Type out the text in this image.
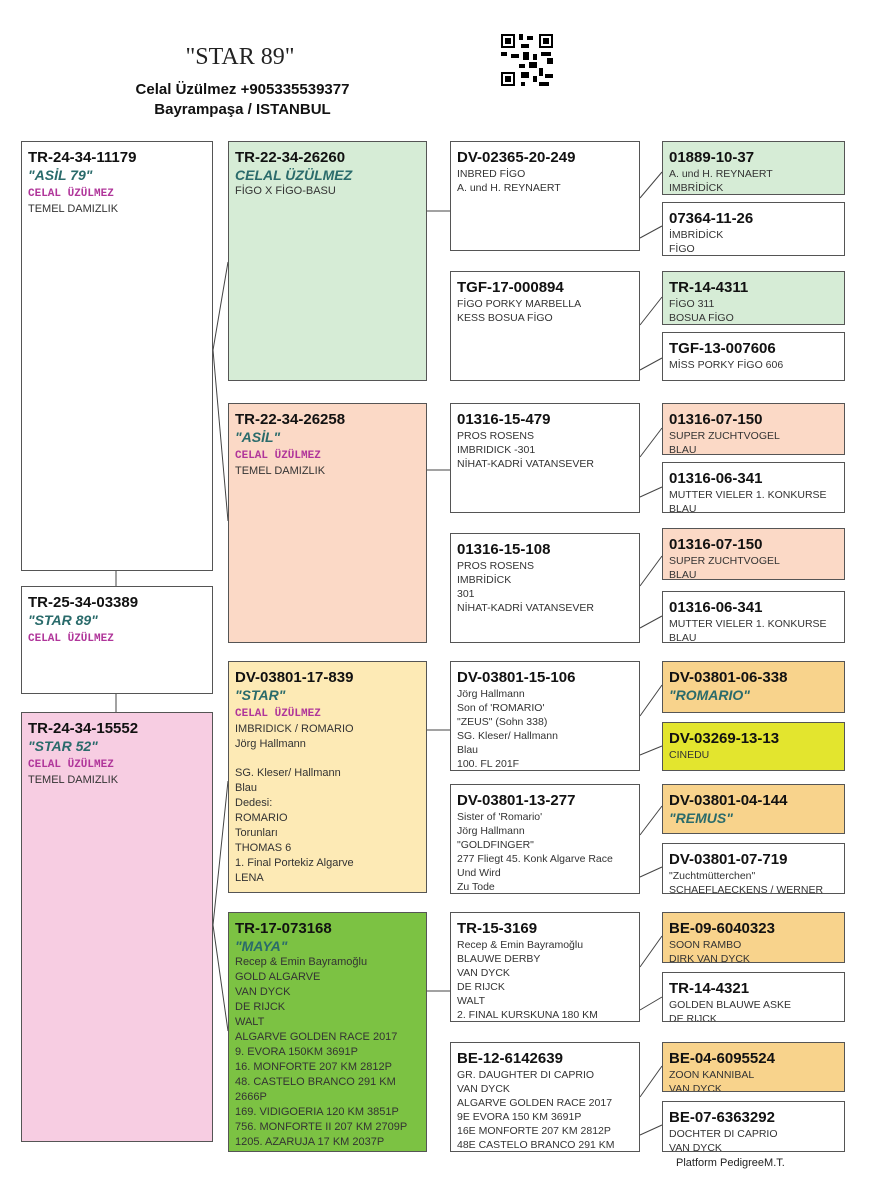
"STAR 89"
Celal Üzülmez +905335539377
Bayrampaşa / ISTANBUL
TR-24-34-11179
"ASİL 79"
CELAL ÜZÜLMEZ
TEMEL DAMIZLIK
TR-25-34-03389
"STAR 89"
CELAL ÜZÜLMEZ
TR-24-34-15552
"STAR 52"
CELAL ÜZÜLMEZ
TEMEL DAMIZLIK
TR-22-34-26260
CELAL ÜZÜLMEZ
FİGO X FİGO-BASU
TR-22-34-26258
"ASİL"
CELAL ÜZÜLMEZ
TEMEL DAMIZLIK
DV-03801-17-839
"STAR"
CELAL ÜZÜLMEZ
IMBRIDICK / ROMARIO
Jörg Hallmann
SG. Kleser/ Hallmann
Blau
Dedesi:
ROMARIO
Torunları
THOMAS 6
1. Final Portekiz Algarve
LENA
TR-17-073168
"MAYA"
Recep & Emin Bayramoğlu
GOLD ALGARVE
VAN DYCK
DE RIJCK
WALT
ALGARVE GOLDEN RACE 2017
9. EVORA 150KM 3691P
16. MONFORTE 207 KM 2812P
48. CASTELO BRANCO 291 KM
2666P
169. VIDIGOERIA 120 KM 3851P
756. MONFORTE II 207 KM 2709P
1205. AZARUJA 17 KM 2037P
DV-02365-20-249
INBRED FİGO
A. und H. REYNAERT
TGF-17-000894
FİGO PORKY MARBELLA
KESS BOSUA FİGO
01316-15-479
PROS ROSENS
IMBRIDICK -301
NİHAT-KADRİ VATANSEVER
01316-15-108
PROS ROSENS
IMBRİDİCK
301
NİHAT-KADRİ VATANSEVER
DV-03801-15-106
Jörg Hallmann
Son of 'ROMARIO'
"ZEUS" (Sohn 338)
SG. Kleser/ Hallmann
Blau
100. FL 201F
DV-03801-13-277
Sister of 'Romario'
Jörg Hallmann
"GOLDFINGER"
277 Fliegt 45. Konk Algarve Race
Und Wird
Zu Tode
TR-15-3169
Recep & Emin Bayramoğlu
BLAUWE DERBY
VAN DYCK
DE RIJCK
WALT
2. FINAL KURSKUNA 180 KM
BE-12-6142639
GR. DAUGHTER DI CAPRIO
VAN DYCK
ALGARVE GOLDEN RACE 2017
9E EVORA 150 KM 3691P
16E MONFORTE 207 KM 2812P
48E CASTELO BRANCO 291 KM
01889-10-37
A. und H. REYNAERT
IMBRİDİCK
07364-11-26
İMBRİDİCK
FİGO
TR-14-4311
FİGO 311
BOSUA FİGO
TGF-13-007606
MİSS PORKY FİGO 606
01316-07-150
SUPER ZUCHTVOGEL
BLAU
01316-06-341
MUTTER VIELER 1. KONKURSE
BLAU
01316-07-150
SUPER ZUCHTVOGEL
BLAU
01316-06-341
MUTTER VIELER 1. KONKURSE
BLAU
DV-03801-06-338
"ROMARIO"
DV-03269-13-13
CINEDU
DV-03801-04-144
"REMUS"
DV-03801-07-719
"Zuchtmütterchen"
SCHAEFLAECKENS / WERNER
BE-09-6040323
SOON RAMBO
DIRK VAN DYCK
TR-14-4321
GOLDEN BLAUWE ASKE
DE RIJCK
BE-04-6095524
ZOON KANNIBAL
VAN DYCK
BE-07-6363292
DOCHTER DI CAPRIO
VAN DYCK
Platform PedigreeM.T.
